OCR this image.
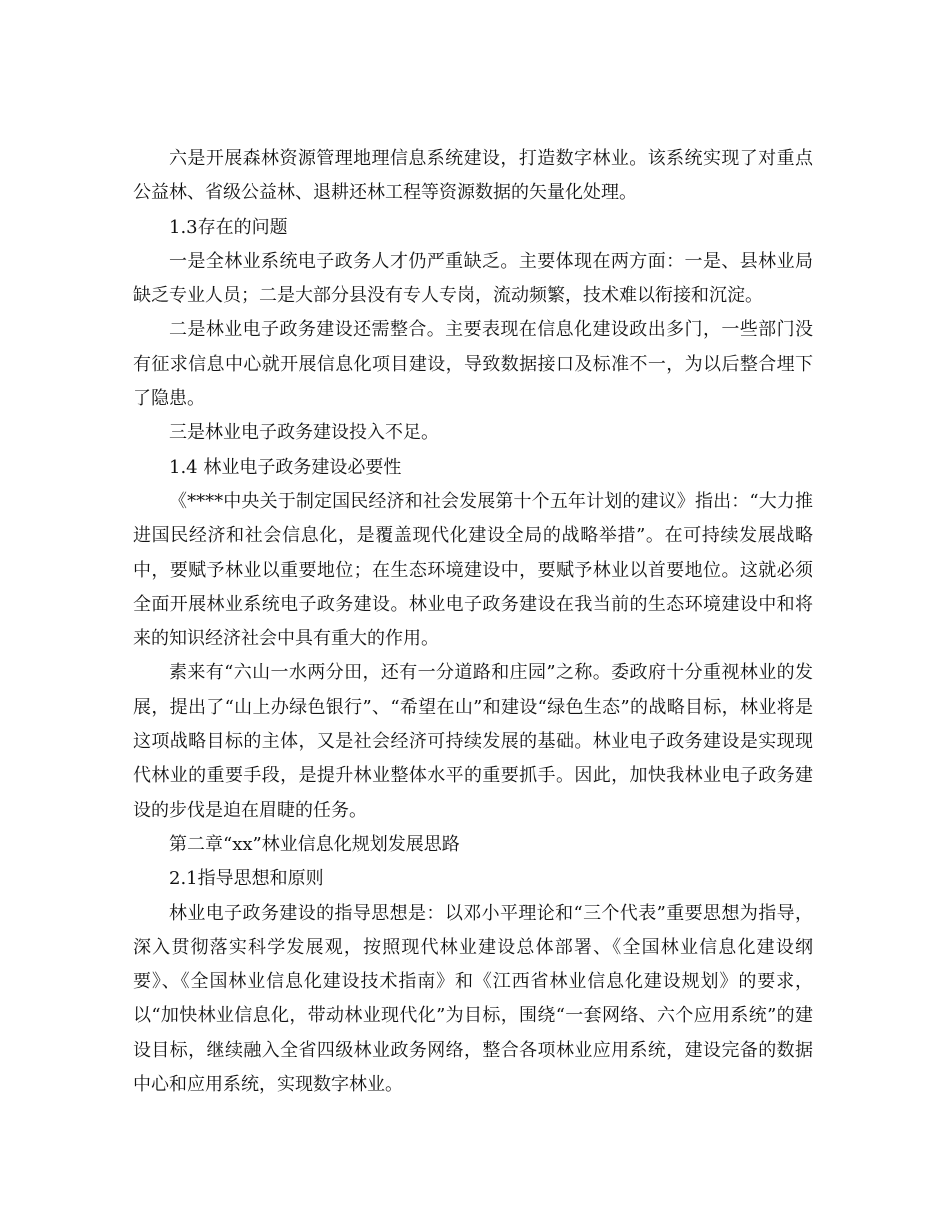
六是开展森林资源管理地理信息系统建设，打造数字林业。该系统实现了对重点公益林、省级公益林、退耕还林工程等资源数据的矢量化处理。

1.3存在的问题

一是全林业系统电子政务人才仍严重缺乏。主要体现在两方面：一是、县林业局缺乏专业人员；二是大部分县没有专人专岗，流动频繁，技术难以衔接和沉淀。

二是林业电子政务建设还需整合。主要表现在信息化建设政出多门，一些部门没有征求信息中心就开展信息化项目建设，导致数据接口及标准不一，为以后整合埋下了隐患。

三是林业电子政务建设投入不足。

1.4 林业电子政务建设必要性

《****中央关于制定国民经济和社会发展第十个五年计划的建议》指出：“大力推进国民经济和社会信息化，是覆盖现代化建设全局的战略举措”。在可持续发展战略中，要赋予林业以重要地位；在生态环境建设中，要赋予林业以首要地位。这就必须全面开展林业系统电子政务建设。林业电子政务建设在我当前的生态环境建设中和将来的知识经济社会中具有重大的作用。

素来有“六山一水两分田，还有一分道路和庄园”之称。委政府十分重视林业的发展，提出了“山上办绿色银行”、“希望在山”和建设“绿色生态”的战略目标，林业将是这项战略目标的主体，又是社会经济可持续发展的基础。林业电子政务建设是实现现代林业的重要手段，是提升林业整体水平的重要抓手。因此，加快我林业电子政务建设的步伐是迫在眉睫的任务。

第二章“xx”林业信息化规划发展思路

2.1指导思想和原则

林业电子政务建设的指导思想是：以邓小平理论和“三个代表”重要思想为指导，深入贯彻落实科学发展观，按照现代林业建设总体部署、《全国林业信息化建设纲要》、《全国林业信息化建设技术指南》和《江西省林业信息化建设规划》的要求，以“加快林业信息化，带动林业现代化”为目标，围绕“一套网络、六个应用系统”的建设目标，继续融入全省四级林业政务网络，整合各项林业应用系统，建设完备的数据中心和应用系统，实现数字林业。
